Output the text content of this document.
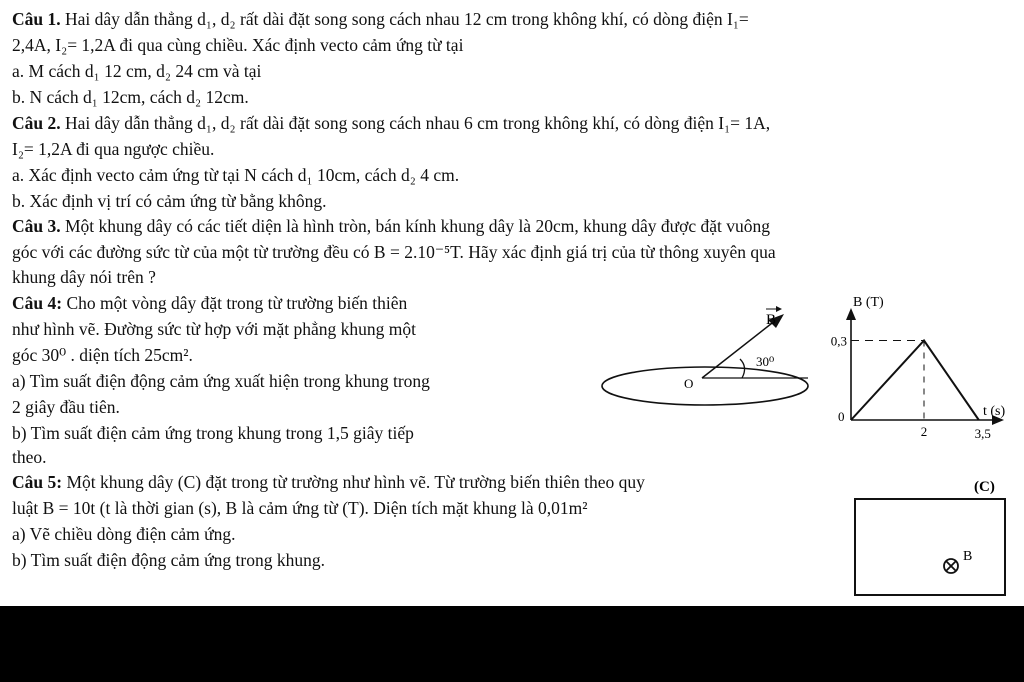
Câu 1. Hai dây dẫn thẳng d₁, d₂ rất dài đặt song song cách nhau 12 cm trong không khí, có dòng điện I₁=
2,4A, I₂= 1,2A đi qua cùng chiều. Xác định vecto cảm ứng từ tại
a. M cách d₁ 12 cm, d₂ 24 cm và tại
b. N cách d₁ 12cm, cách d₂ 12cm.
Câu 2. Hai dây dẫn thẳng d₁, d₂ rất dài đặt song song cách nhau 6 cm trong không khí, có dòng điện I₁= 1A,
I₂= 1,2A đi qua ngược chiều.
a. Xác định vecto cảm ứng từ tại N cách d₁ 10cm, cách d₂ 4 cm.
b. Xác định vị trí có cảm ứng từ bằng không.
Câu 3. Một khung dây có các tiết diện là hình tròn, bán kính khung dây là 20cm, khung dây được đặt vuông
góc với các đường sức từ của một từ trường đều có B = 2.10⁻⁵T. Hãy xác định giá trị của từ thông xuyên qua
khung dây nói trên ?
Câu 4: Cho một vòng dây đặt trong từ trường biến thiên
như hình vẽ. Đường sức từ hợp với mặt phẳng khung một
góc 30⁰ . diện tích 25cm².
a) Tìm suất điện động cảm ứng xuất hiện trong khung trong
2 giây đầu tiên.
b) Tìm suất điện cảm ứng trong khung trong 1,5 giây tiếp
theo.
B
30⁰
O
B (T)
t (s)
0
0,3
2	3,5
Câu 5: Một khung dây (C) đặt trong từ trường như hình vẽ. Từ trường biến thiên theo quy
luật B = 10t (t là thời gian (s), B là cảm ứng từ (T). Diện tích mặt khung là 0,01m²
a) Vẽ chiều dòng điện cảm ứng.
b) Tìm suất điện động cảm ứng trong khung.
(C)
B
